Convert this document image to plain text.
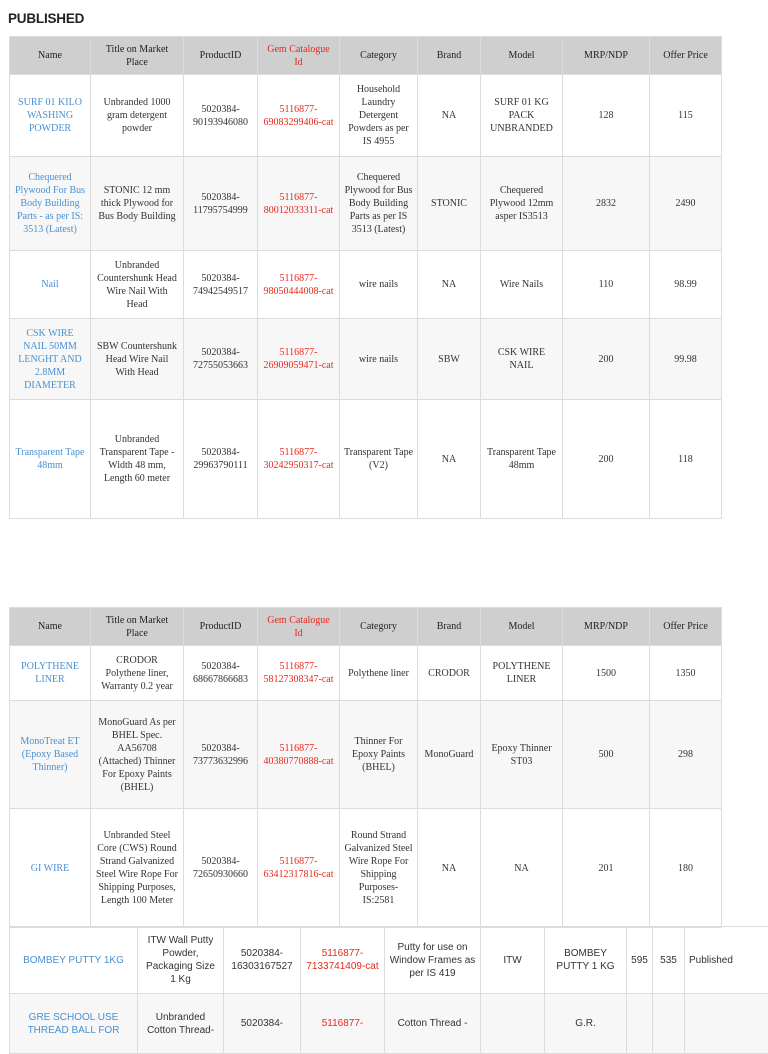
PUBLISHED
Name	Title on Market Place	ProductID	Gem Catalogue Id	Category	Brand	Model	MRP/NDP	Offer Price
SURF 01 KILO WASHING POWDER	Unbranded 1000 gram detergent powder	5020384-90193946080	5116877-69083299406-cat	Household Laundry Detergent Powders as per IS 4955	NA	SURF 01 KG PACK UNBRANDED	128	115
Chequered Plywood For Bus Body Building Parts - as per IS: 3513 (Latest)	STONIC 12 mm thick Plywood for Bus Body Building	5020384-11795754999	5116877-80012033311-cat	Chequered Plywood for Bus Body Building Parts as per IS 3513 (Latest)	STONIC	Chequered Plywood 12mm asper IS3513	2832	2490
Nail	Unbranded Countershunk Head Wire Nail With Head	5020384-74942549517	5116877-98050444008-cat	wire nails	NA	Wire Nails	110	98.99
CSK WIRE NAIL 50MM LENGHT AND 2.8MM DIAMETER	SBW Countershunk Head Wire Nail With Head	5020384-72755053663	5116877-26909059471-cat	wire nails	SBW	CSK WIRE NAIL	200	99.98
Transparent Tape 48mm	Unbranded Transparent Tape - Width 48 mm, Length 60 meter	5020384-29963790111	5116877-30242950317-cat	Transparent Tape (V2)	NA	Transparent Tape 48mm	200	118
Name	Title on Market Place	ProductID	Gem Catalogue Id	Category	Brand	Model	MRP/NDP	Offer Price
POLYTHENE LINER	CRODOR Polythene liner, Warranty 0.2 year	5020384-68667866683	5116877-58127308347-cat	Polythene liner	CRODOR	POLYTHENE LINER	1500	1350
MonoTreat ET (Epoxy Based Thinner)	MonoGuard As per BHEL Spec. AA56708 (Attached) Thinner For Epoxy Paints (BHEL)	5020384-73773632996	5116877-40380770888-cat	Thinner For Epoxy Paints (BHEL)	MonoGuard	Epoxy Thinner ST03	500	298
GI WIRE	Unbranded Steel Core (CWS) Round Strand Galvanized Steel Wire Rope For Shipping Purposes, Length 100 Meter	5020384-72650930660	5116877-63412317816-cat	Round Strand Galvanized Steel Wire Rope For Shipping Purposes- IS:2581	NA	NA	201	180
BOMBEY PUTTY 1KG	ITW Wall Putty Powder, Packaging Size 1 Kg	5020384-16303167527	5116877-7133741409-cat	Putty for use on Window Frames as per IS 419	ITW	BOMBEY PUTTY 1 KG	595	535	Published
GRE SCHOOL USE THREAD BALL FOR	Unbranded Cotton Thread-	5020384-	5116877-	Cotton Thread -		G.R.			
